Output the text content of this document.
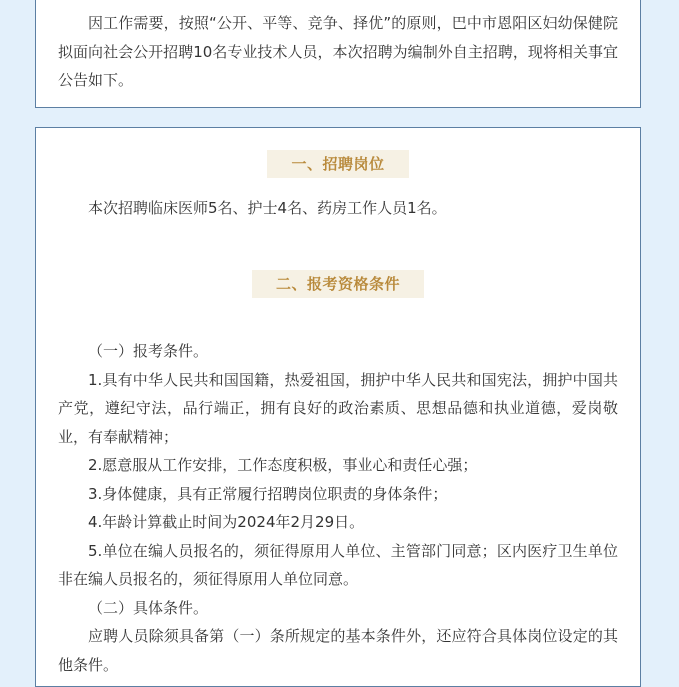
因工作需要，按照“公开、平等、竞争、择优”的原则，巴中市恩阳区妇幼保健院拟面向社会公开招聘10名专业技术人员，本次招聘为编制外自主招聘，现将相关事宜公告如下。

一、招聘岗位

本次招聘临床医师5名、护士4名、药房工作人员1名。

二、报考资格条件

（一）报考条件。

1.具有中华人民共和国国籍，热爱祖国，拥护中华人民共和国宪法，拥护中国共产党，遵纪守法，品行端正，拥有良好的政治素质、思想品德和执业道德，爱岗敬业，有奉献精神；

2.愿意服从工作安排，工作态度积极，事业心和责任心强；

3.身体健康，具有正常履行招聘岗位职责的身体条件；

4.年龄计算截止时间为2024年2月29日。

5.单位在编人员报名的，须征得原用人单位、主管部门同意；区内医疗卫生单位非在编人员报名的，须征得原用人单位同意。

（二）具体条件。

应聘人员除须具备第（一）条所规定的基本条件外，还应符合具体岗位设定的其他条件。
